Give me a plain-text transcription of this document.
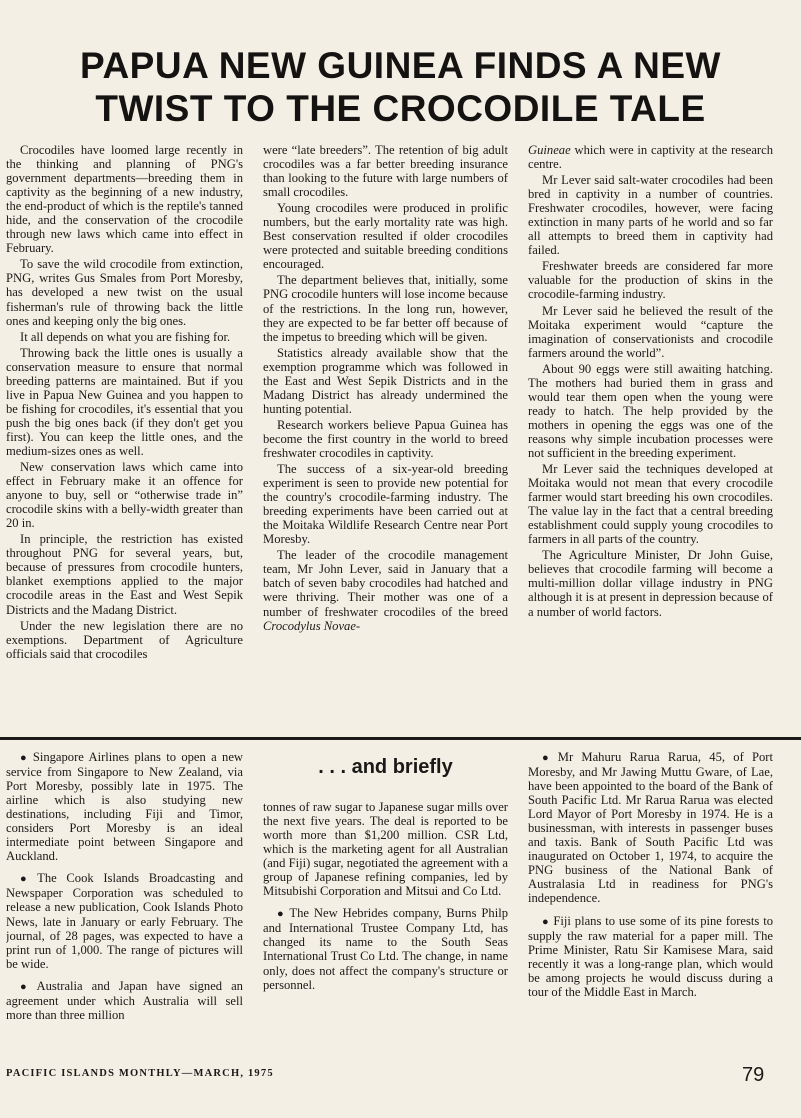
PAPUA NEW GUINEA FINDS A NEW
TWIST TO THE CROCODILE TALE

Crocodiles have loomed large recently in the thinking and planning of PNG's government departments—breeding them in captivity as the beginning of a new industry, the end-product of which is the reptile's tanned hide, and the conservation of the crocodile through new laws which came into effect in February.

To save the wild crocodile from extinction, PNG, writes Gus Smales from Port Moresby, has developed a new twist on the usual fisherman's rule of throwing back the little ones and keeping only the big ones.

It all depends on what you are fishing for.

Throwing back the little ones is usually a conservation measure to ensure that normal breeding patterns are maintained. But if you live in Papua New Guinea and you happen to be fishing for crocodiles, it's essential that you push the big ones back (if they don't get you first). You can keep the little ones, and the medium-sizes ones as well.

New conservation laws which came into effect in February make it an offence for anyone to buy, sell or “otherwise trade in” crocodile skins with a belly-width greater than 20 in.

In principle, the restriction has existed throughout PNG for several years, but, because of pressures from crocodile hunters, blanket exemptions applied to the major crocodile areas in the East and West Sepik Districts and the Madang District.

Under the new legislation there are no exemptions. Department of Agriculture officials said that crocodiles

were “late breeders”. The retention of big adult crocodiles was a far better breeding insurance than looking to the future with large numbers of small crocodiles.

Young crocodiles were produced in prolific numbers, but the early mortality rate was high. Best conservation resulted if older crocodiles were protected and suitable breeding conditions encouraged.

The department believes that, initially, some PNG crocodile hunters will lose income because of the restrictions. In the long run, however, they are expected to be far better off because of the impetus to breeding which will be given.

Statistics already available show that the exemption programme which was followed in the East and West Sepik Districts and in the Madang District has already undermined the hunting potential.

Research workers believe Papua Guinea has become the first country in the world to breed freshwater crocodiles in captivity.

The success of a six-year-old breeding experiment is seen to provide new potential for the country's crocodile-farming industry. The breeding experiments have been carried out at the Moitaka Wildlife Research Centre near Port Moresby.

The leader of the crocodile management team, Mr John Lever, said in January that a batch of seven baby crocodiles had hatched and were thriving. Their mother was one of a number of freshwater crocodiles of the breed Crocodylus Novae-

Guineae which were in captivity at the research centre.

Mr Lever said salt-water crocodiles had been bred in captivity in a number of countries. Freshwater crocodiles, however, were facing extinction in many parts of he world and so far all attempts to breed them in captivity had failed.

Freshwater breeds are considered far more valuable for the production of skins in the crocodile-farming industry.

Mr Lever said he believed the result of the Moitaka experiment would “capture the imagination of conservationists and crocodile farmers around the world”.

About 90 eggs were still awaiting hatching. The mothers had buried them in grass and would tear them open when the young were ready to hatch. The help provided by the mothers in opening the eggs was one of the reasons why simple incubation processes were not sufficient in the breeding experiment.

Mr Lever said the techniques developed at Moitaka would not mean that every crocodile farmer would start breeding his own crocodiles. The value lay in the fact that a central breeding establishment could supply young crocodiles to farmers in all parts of the country.

The Agriculture Minister, Dr John Guise, believes that crocodile farming will become a multi-million dollar village industry in PNG although it is at present in depression because of a number of world factors.

. . . and briefly

● Singapore Airlines plans to open a new service from Singapore to New Zealand, via Port Moresby, possibly late in 1975. The airline which is also studying new destinations, including Fiji and Timor, considers Port Moresby is an ideal intermediate point between Singapore and Auckland.

● The Cook Islands Broadcasting and Newspaper Corporation was scheduled to release a new publication, Cook Islands Photo News, late in January or early February. The journal, of 28 pages, was expected to have a print run of 1,000. The range of pictures will be wide.

● Australia and Japan have signed an agreement under which Australia will sell more than three million

tonnes of raw sugar to Japanese sugar mills over the next five years. The deal is reported to be worth more than $1,200 million. CSR Ltd, which is the marketing agent for all Australian (and Fiji) sugar, negotiated the agreement with a group of Japanese refining companies, led by Mitsubishi Corporation and Mitsui and Co Ltd.

● The New Hebrides company, Burns Philp and International Trustee Company Ltd, has changed its name to the South Seas International Trust Co Ltd. The change, in name only, does not affect the company's structure or personnel.

● Mr Mahuru Rarua Rarua, 45, of Port Moresby, and Mr Jawing Muttu Gware, of Lae, have been appointed to the board of the Bank of South Pacific Ltd. Mr Rarua Rarua was elected Lord Mayor of Port Moresby in 1974. He is a businessman, with interests in passenger buses and taxis. Bank of South Pacific Ltd was inaugurated on October 1, 1974, to acquire the PNG business of the National Bank of Australasia Ltd in readiness for PNG's independence.

● Fiji plans to use some of its pine forests to supply the raw material for a paper mill. The Prime Minister, Ratu Sir Kamisese Mara, said recently it was a long-range plan, which would be among projects he would discuss during a tour of the Middle East in March.

PACIFIC ISLANDS MONTHLY—MARCH, 1975	79
